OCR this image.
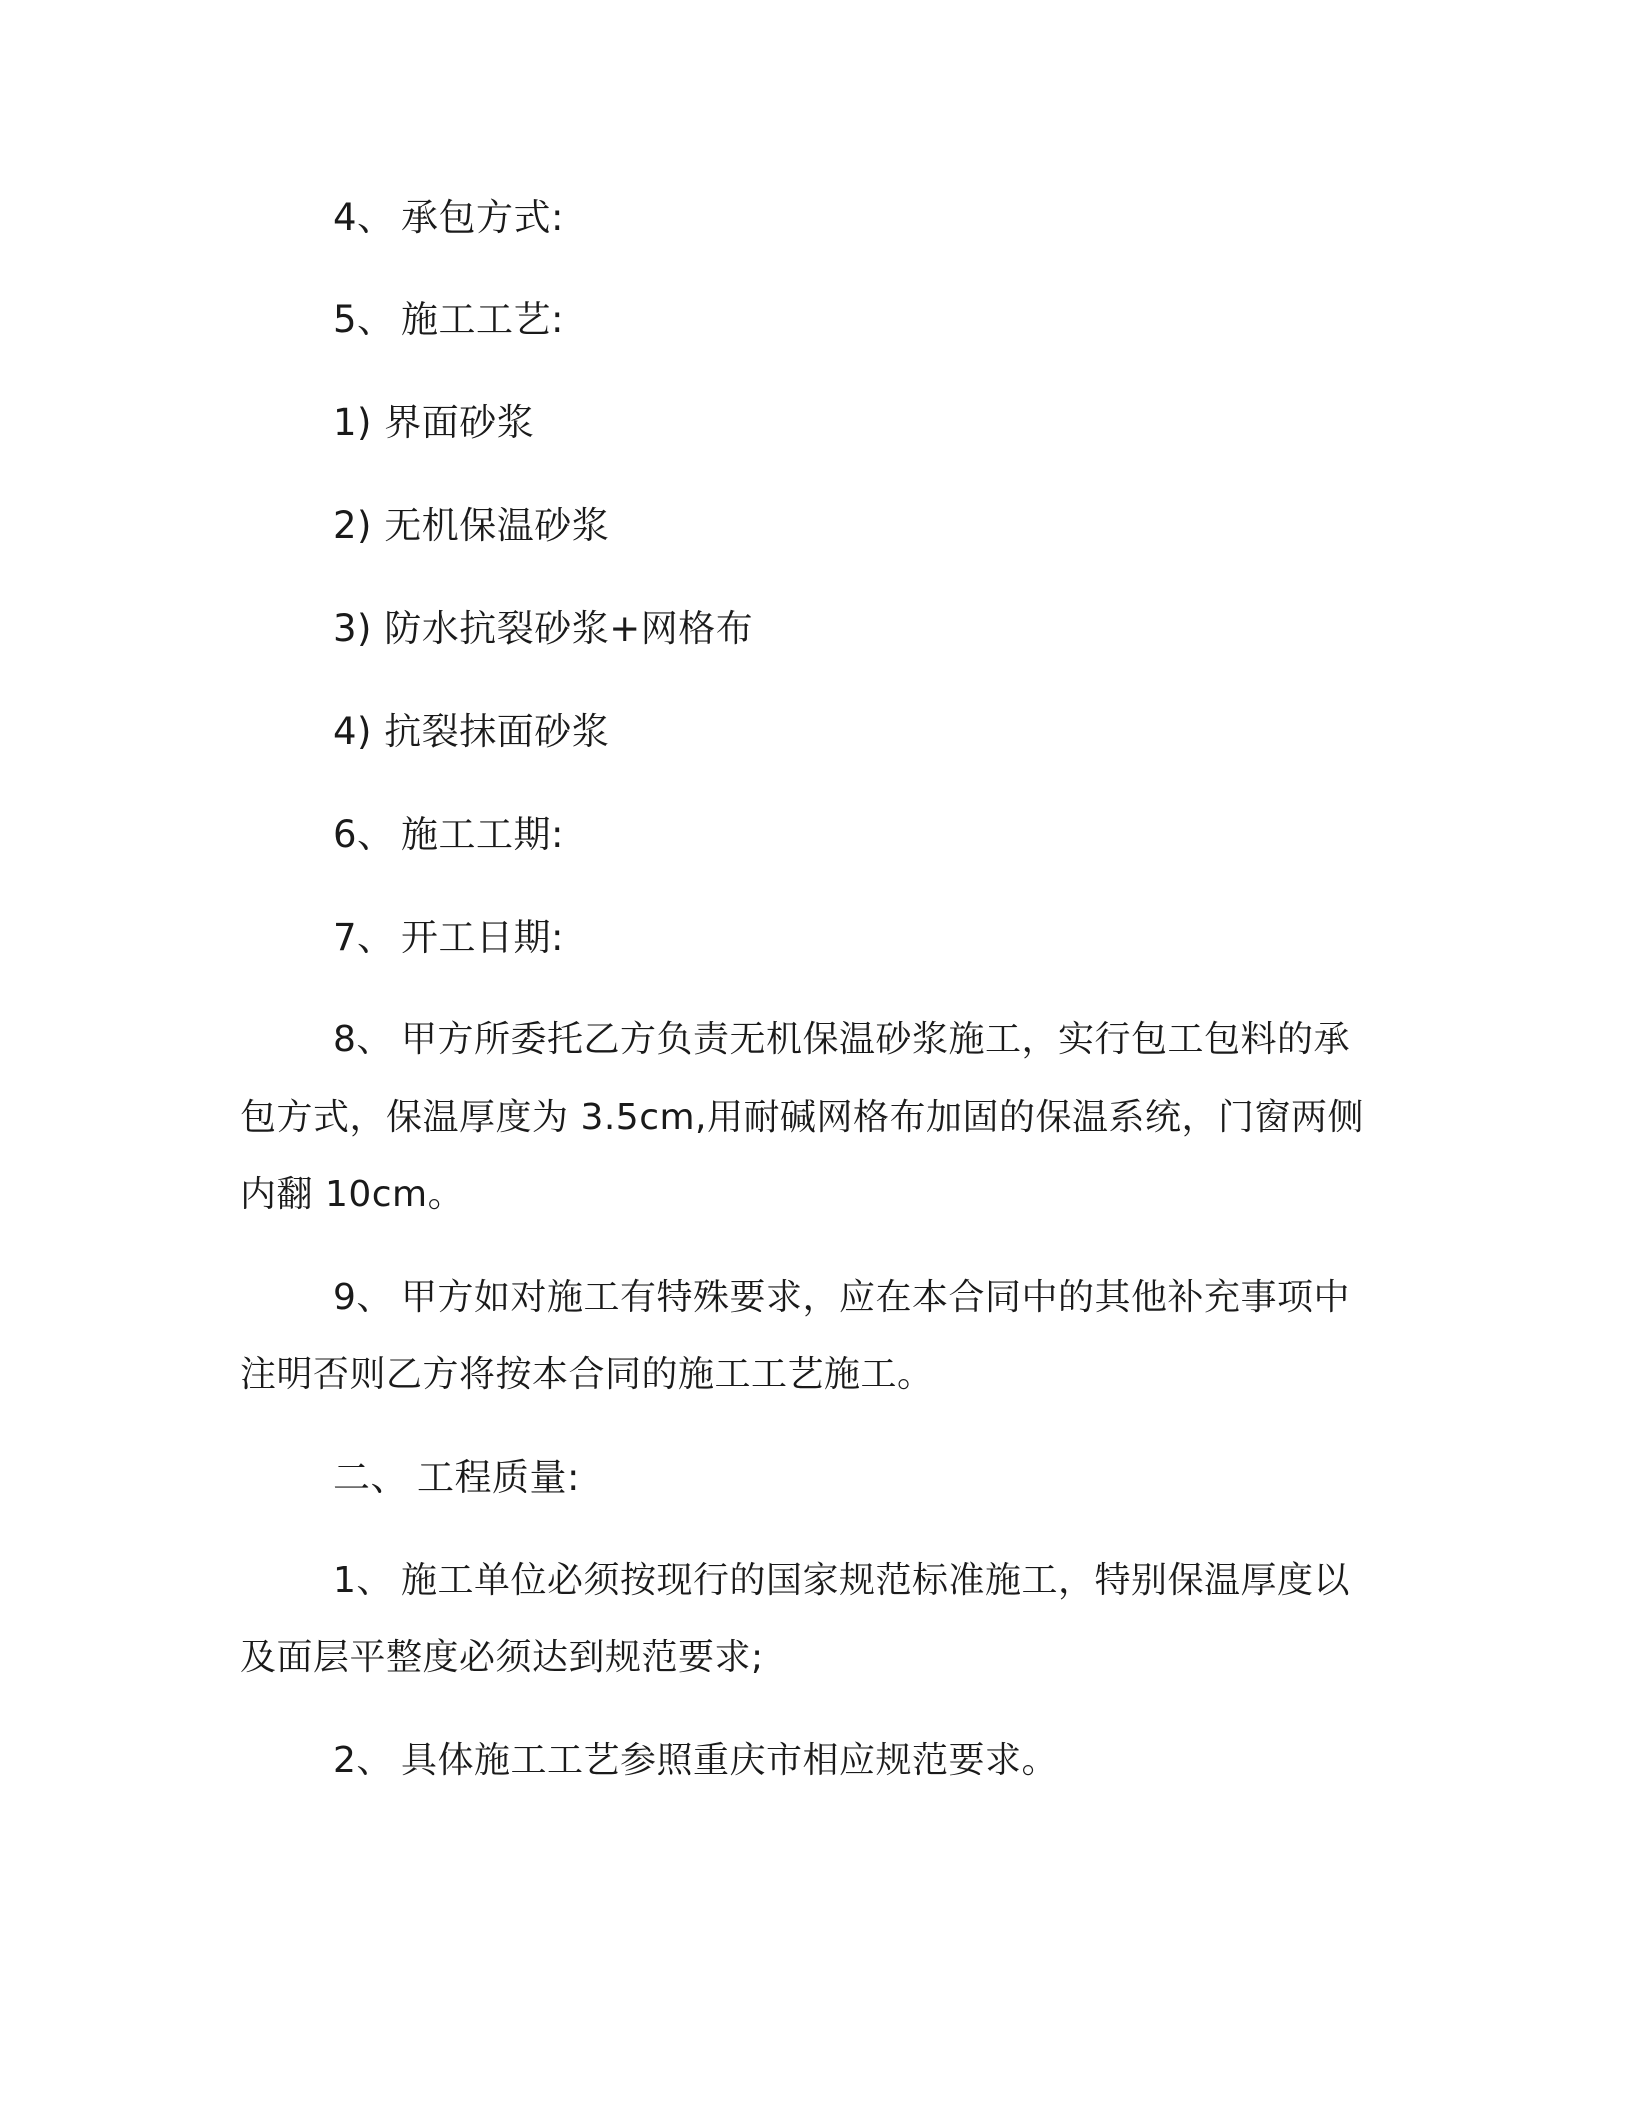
4、 承包方式:
5、 施工工艺:
1) 界面砂浆
2) 无机保温砂浆
3) 防水抗裂砂浆+网格布
4) 抗裂抹面砂浆
6、 施工工期:
7、 开工日期:
8、 甲方所委托乙方负责无机保温砂浆施工，实行包工包料的承
包方式，保温厚度为 3.5cm,用耐碱网格布加固的保温系统，门窗两侧
内翻 10cm。
9、 甲方如对施工有特殊要求，应在本合同中的其他补充事项中
注明否则乙方将按本合同的施工工艺施工。
二、 工程质量:
1、 施工单位必须按现行的国家规范标准施工，特别保温厚度以
及面层平整度必须达到规范要求;
2、 具体施工工艺参照重庆市相应规范要求。
